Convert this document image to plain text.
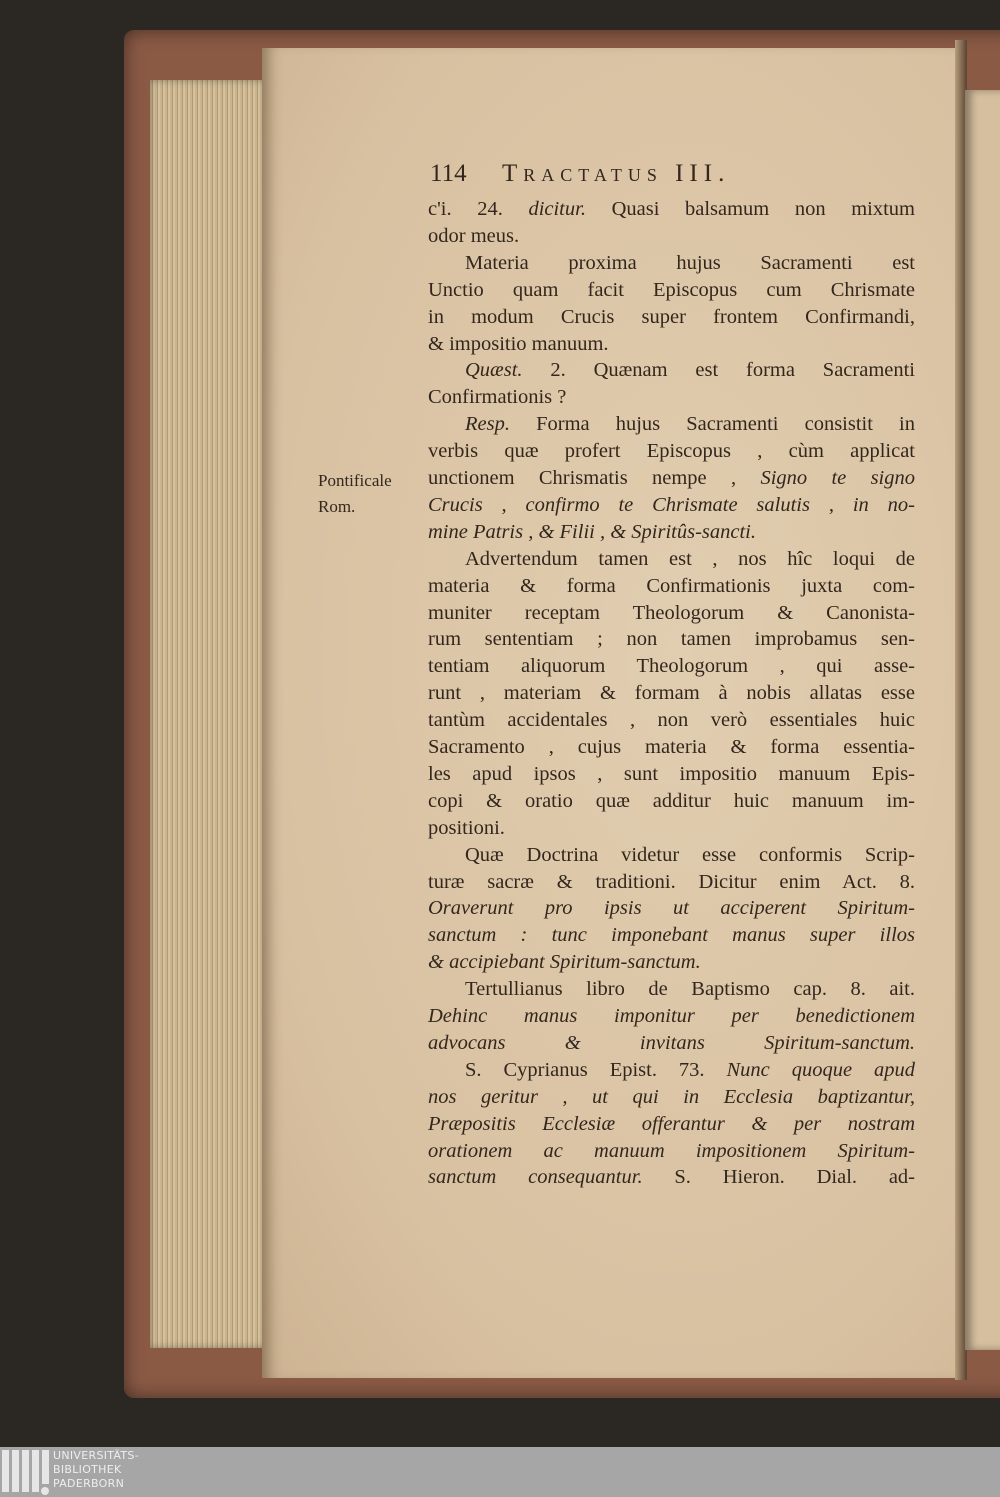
114 Tractatus III.
c'i. 24. dicitur. Quasi balsamum non mixtum
odor meus.
Materia proxima hujus Sacramenti est
Unctio quam facit Episcopus cum Chrismate
in modum Crucis super frontem Confirmandi,
& impositio manuum.
Quæst. 2. Quænam est forma Sacramenti
Confirmationis ?
Resp. Forma hujus Sacramenti consistit in
verbis quæ profert Episcopus , cùm applicat
unctionem Chrismatis nempe , Signo te signo
Crucis , confirmo te Chrismate salutis , in no-
mine Patris , & Filii , & Spiritûs-sancti.
Advertendum tamen est , nos hîc loqui de
materia & forma Confirmationis juxta com-
muniter receptam Theologorum & Canonista-
rum sententiam ; non tamen improbamus sen-
tentiam aliquorum Theologorum , qui asse-
runt , materiam & formam à nobis allatas esse
tantùm accidentales , non verò essentiales huic
Sacramento , cujus materia & forma essentia-
les apud ipsos , sunt impositio manuum Epis-
copi & oratio quæ additur huic manuum im-
positioni.
Quæ Doctrina videtur esse conformis Scrip-
turæ sacræ & traditioni. Dicitur enim Act. 8.
Oraverunt pro ipsis ut acciperent Spiritum-
sanctum : tunc imponebant manus super illos
& accipiebant Spiritum-sanctum.
Tertullianus libro de Baptismo cap. 8. ait.
Dehinc manus imponitur per benedictionem
advocans & invitans Spiritum-sanctum.
S. Cyprianus Epist. 73. Nunc quoque apud
nos geritur , ut qui in Ecclesia baptizantur,
Præpositis Ecclesiæ offerantur & per nostram
orationem ac manuum impositionem Spiritum-
sanctum consequantur. S. Hieron. Dial. ad-
Pontificale
Rom.
UNIVERSITÄTS-
BIBLIOTHEK
PADERBORN
